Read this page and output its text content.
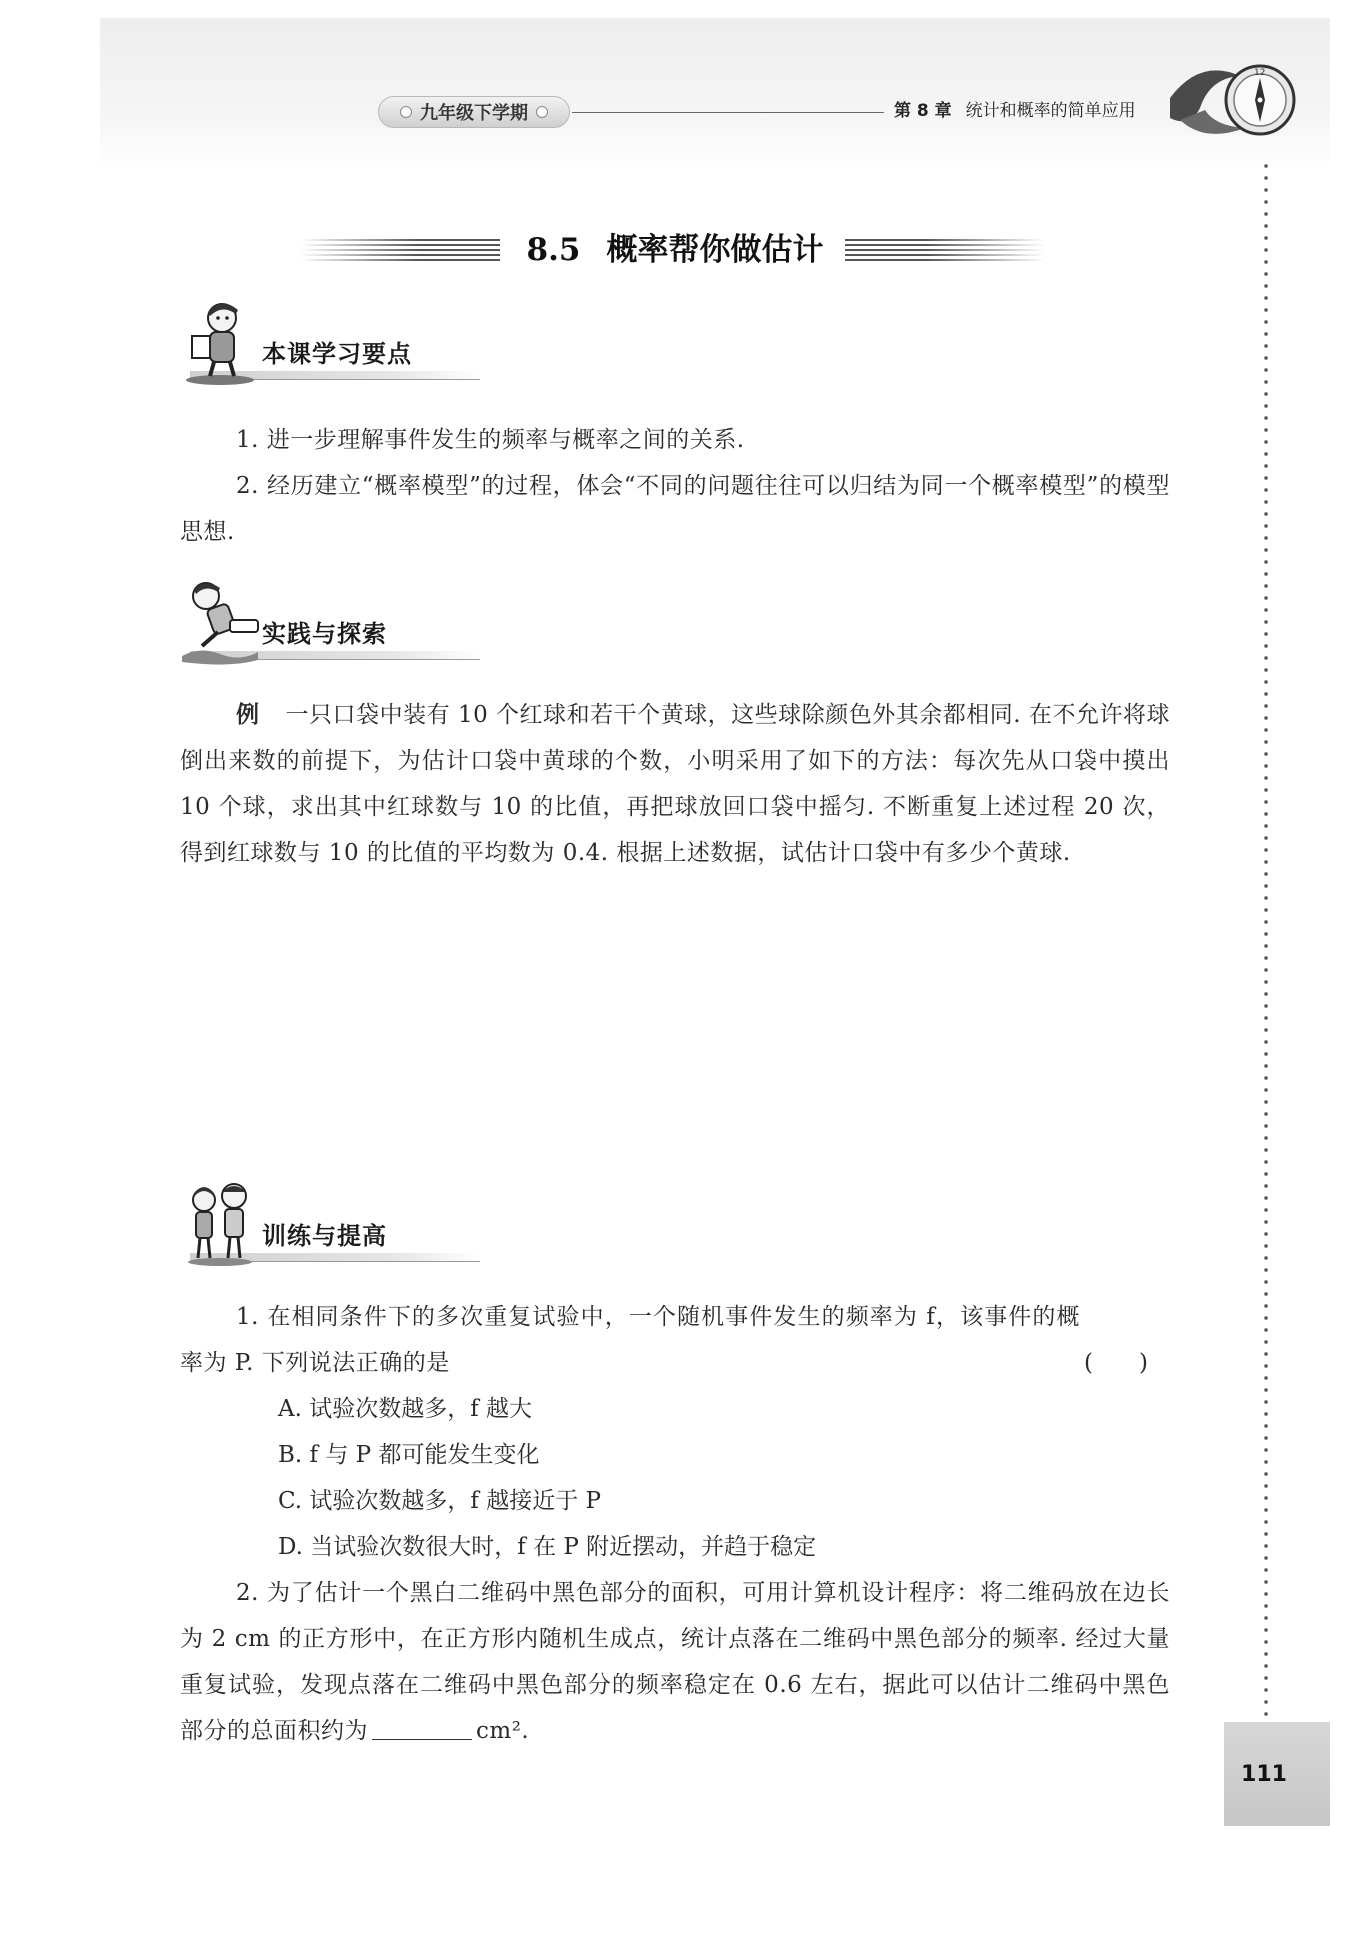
九年级下学期	第 8 章 统计和概率的简单应用
12
111
8.5 概率帮你做估计
本课学习要点
1. 进一步理解事件发生的频率与概率之间的关系.
2. 经历建立“概率模型”的过程，体会“不同的问题往往可以归结为同一个概率模型”的模型思想.
实践与探索
例 一只口袋中装有 10 个红球和若干个黄球，这些球除颜色外其余都相同. 在不允许将球倒出来数的前提下，为估计口袋中黄球的个数，小明采用了如下的方法：每次先从口袋中摸出 10 个球，求出其中红球数与 10 的比值，再把球放回口袋中摇匀. 不断重复上述过程 20 次，得到红球数与 10 的比值的平均数为 0.4. 根据上述数据，试估计口袋中有多少个黄球.
训练与提高
1. 在相同条件下的多次重复试验中，一个随机事件发生的频率为 f，该事件的概率为 P. 下列说法正确的是	(　　)
A. 试验次数越多，f 越大
B. f 与 P 都可能发生变化
C. 试验次数越多，f 越接近于 P
D. 当试验次数很大时，f 在 P 附近摆动，并趋于稳定
2. 为了估计一个黑白二维码中黑色部分的面积，可用计算机设计程序：将二维码放在边长为 2 cm 的正方形中，在正方形内随机生成点，统计点落在二维码中黑色部分的频率. 经过大量重复试验，发现点落在二维码中黑色部分的频率稳定在 0.6 左右，据此可以估计二维码中黑色部分的总面积约为	cm².
